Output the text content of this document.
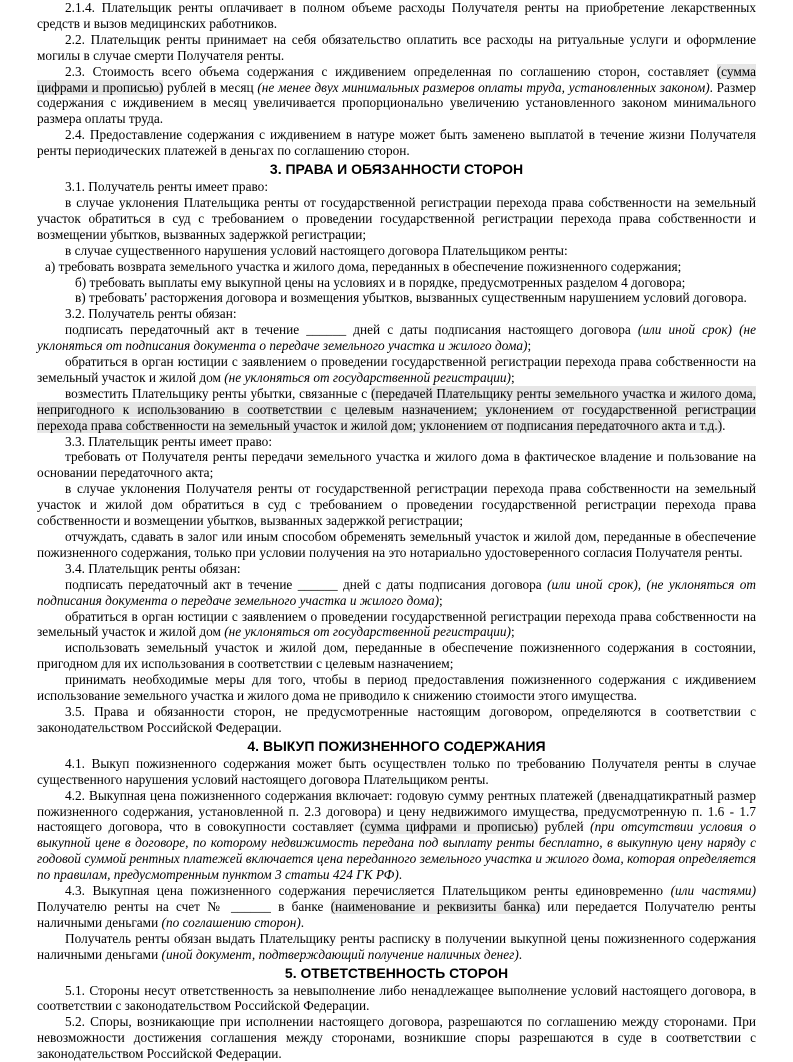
2.1.4. Плательщик ренты оплачивает в полном объеме расходы Получателя ренты на приобретение лекарственных средств и вызов медицинских работников.

2.2. Плательщик ренты принимает на себя обязательство оплатить все расходы на ритуальные услуги и оформление могилы в случае смерти Получателя ренты.

2.3. Стоимость всего объема содержания с иждивением определенная по соглашению сторон, составляет (сумма цифрами и прописью) рублей в месяц (не менее двух минимальных размеров оплаты труда, установленных законом). Размер содержания с иждивением в месяц увеличивается пропорционально увеличению установленного законом минимального размера оплаты труда.

2.4. Предоставление содержания с иждивением в натуре может быть заменено выплатой в течение жизни Получателя ренты периодических платежей в деньгах по соглашению сторон.

3. ПРАВА И ОБЯЗАННОСТИ СТОРОН

3.1. Получатель ренты имеет право:

в случае уклонения Плательщика ренты от государственной регистрации перехода права собственности на земельный участок обратиться в суд с требованием о проведении государственной регистрации перехода права собственности и возмещении убытков, вызванных задержкой регистрации;

в случае существенного нарушения условий настоящего договора Плательщиком ренты:

а) требовать возврата земельного участка и жилого дома, переданных в обеспечение пожизненного содержания;

б) требовать выплаты ему выкупной цены на условиях и в порядке, предусмотренных разделом 4 договора;

в) требовать' расторжения договора и возмещения убытков, вызванных существенным нарушением условий договора.

3.2. Получатель ренты обязан:

подписать передаточный акт в течение ______ дней с даты подписания настоящего договора (или иной срок) (не уклоняться от подписания документа о передаче земельного участка и жилого дома);

обратиться в орган юстиции с заявлением о проведении государственной регистрации перехода права собственности на земельный участок и жилой дом (не уклоняться от государственной регистрации);

возместить Плательщику ренты убытки, связанные с (передачей Плательщику ренты земельного участка и жилого дома, непригодного к использованию в соответствии с целевым назначением; уклонением от государственной регистрации перехода права собственности на земельный участок и жилой дом; уклонением от подписания передаточного акта и т.д.).

3.3. Плательщик ренты имеет право:

требовать от Получателя ренты передачи земельного участка и жилого дома в фактическое владение и пользование на основании передаточного акта;

в случае уклонения Получателя ренты от государственной регистрации перехода права собственности на земельный участок и жилой дом обратиться в суд с требованием о проведении государственной регистрации перехода права собственности и возмещении убытков, вызванных задержкой регистрации;

отчуждать, сдавать в залог или иным способом обременять земельный участок и жилой дом, переданные в обеспечение пожизненного содержания, только при условии получения на это нотариально удостоверенного согласия Получателя ренты.

3.4. Плательщик ренты обязан:

подписать передаточный акт в течение ______ дней с даты подписания договора (или иной срок), (не уклоняться от подписания документа о передаче земельного участка и жилого дома);

обратиться в орган юстиции с заявлением о проведении государственной регистрации перехода права собственности на земельный участок и жилой дом (не уклоняться от государственной регистрации);

использовать земельный участок и жилой дом, переданные в обеспечение пожизненного содержания в состоянии, пригодном для их использования в соответствии с целевым назначением;

принимать необходимые меры для того, чтобы в период предоставления пожизненного содержания с иждивением использование земельного участка и жилого дома не приводило к снижению стоимости этого имущества.

3.5. Права и обязанности сторон, не предусмотренные настоящим договором, определяются в соответствии с законодательством Российской Федерации.

4. ВЫКУП ПОЖИЗНЕННОГО СОДЕРЖАНИЯ

4.1. Выкуп пожизненного содержания может быть осуществлен только по требованию Получателя ренты в случае существенного нарушения условий настоящего договора Плательщиком ренты.

4.2. Выкупная цена пожизненного содержания включает: годовую сумму рентных платежей (двенадцатикратный размер пожизненного содержания, установленной п. 2.3 договора) и цену недвижимого имущества, предусмотренную п. 1.6 - 1.7 настоящего договора, что в совокупности составляет (сумма цифрами и прописью) рублей (при отсутствии условия о выкупной цене в договоре, по которому недвижимость передана под выплату ренты бесплатно, в выкупную цену наряду с годовой суммой рентных платежей включается цена переданного земельного участка и жилого дома, которая определяется по правилам, предусмотренным пунктом 3 статьи 424 ГК РФ).

4.3. Выкупная цена пожизненного содержания перечисляется Плательщиком ренты единовременно (или частями) Получателю ренты на счет № ______ в банке (наименование и реквизиты банка) или передается Получателю ренты наличными деньгами (по соглашению сторон).

Получатель ренты обязан выдать Плательщику ренты расписку в получении выкупной цены пожизненного содержания наличными деньгами (иной документ, подтверждающий получение наличных денег).

5. ОТВЕТСТВЕННОСТЬ СТОРОН

5.1. Стороны несут ответственность за невыполнение либо ненадлежащее выполнение условий настоящего договора, в соответствии с законодательством Российской Федерации.

5.2. Споры, возникающие при исполнении настоящего договора, разрешаются по соглашению между сторонами. При невозможности достижения соглашения между сторонами, возникшие споры разрешаются в суде в соответствии с законодательством Российской Федерации.
